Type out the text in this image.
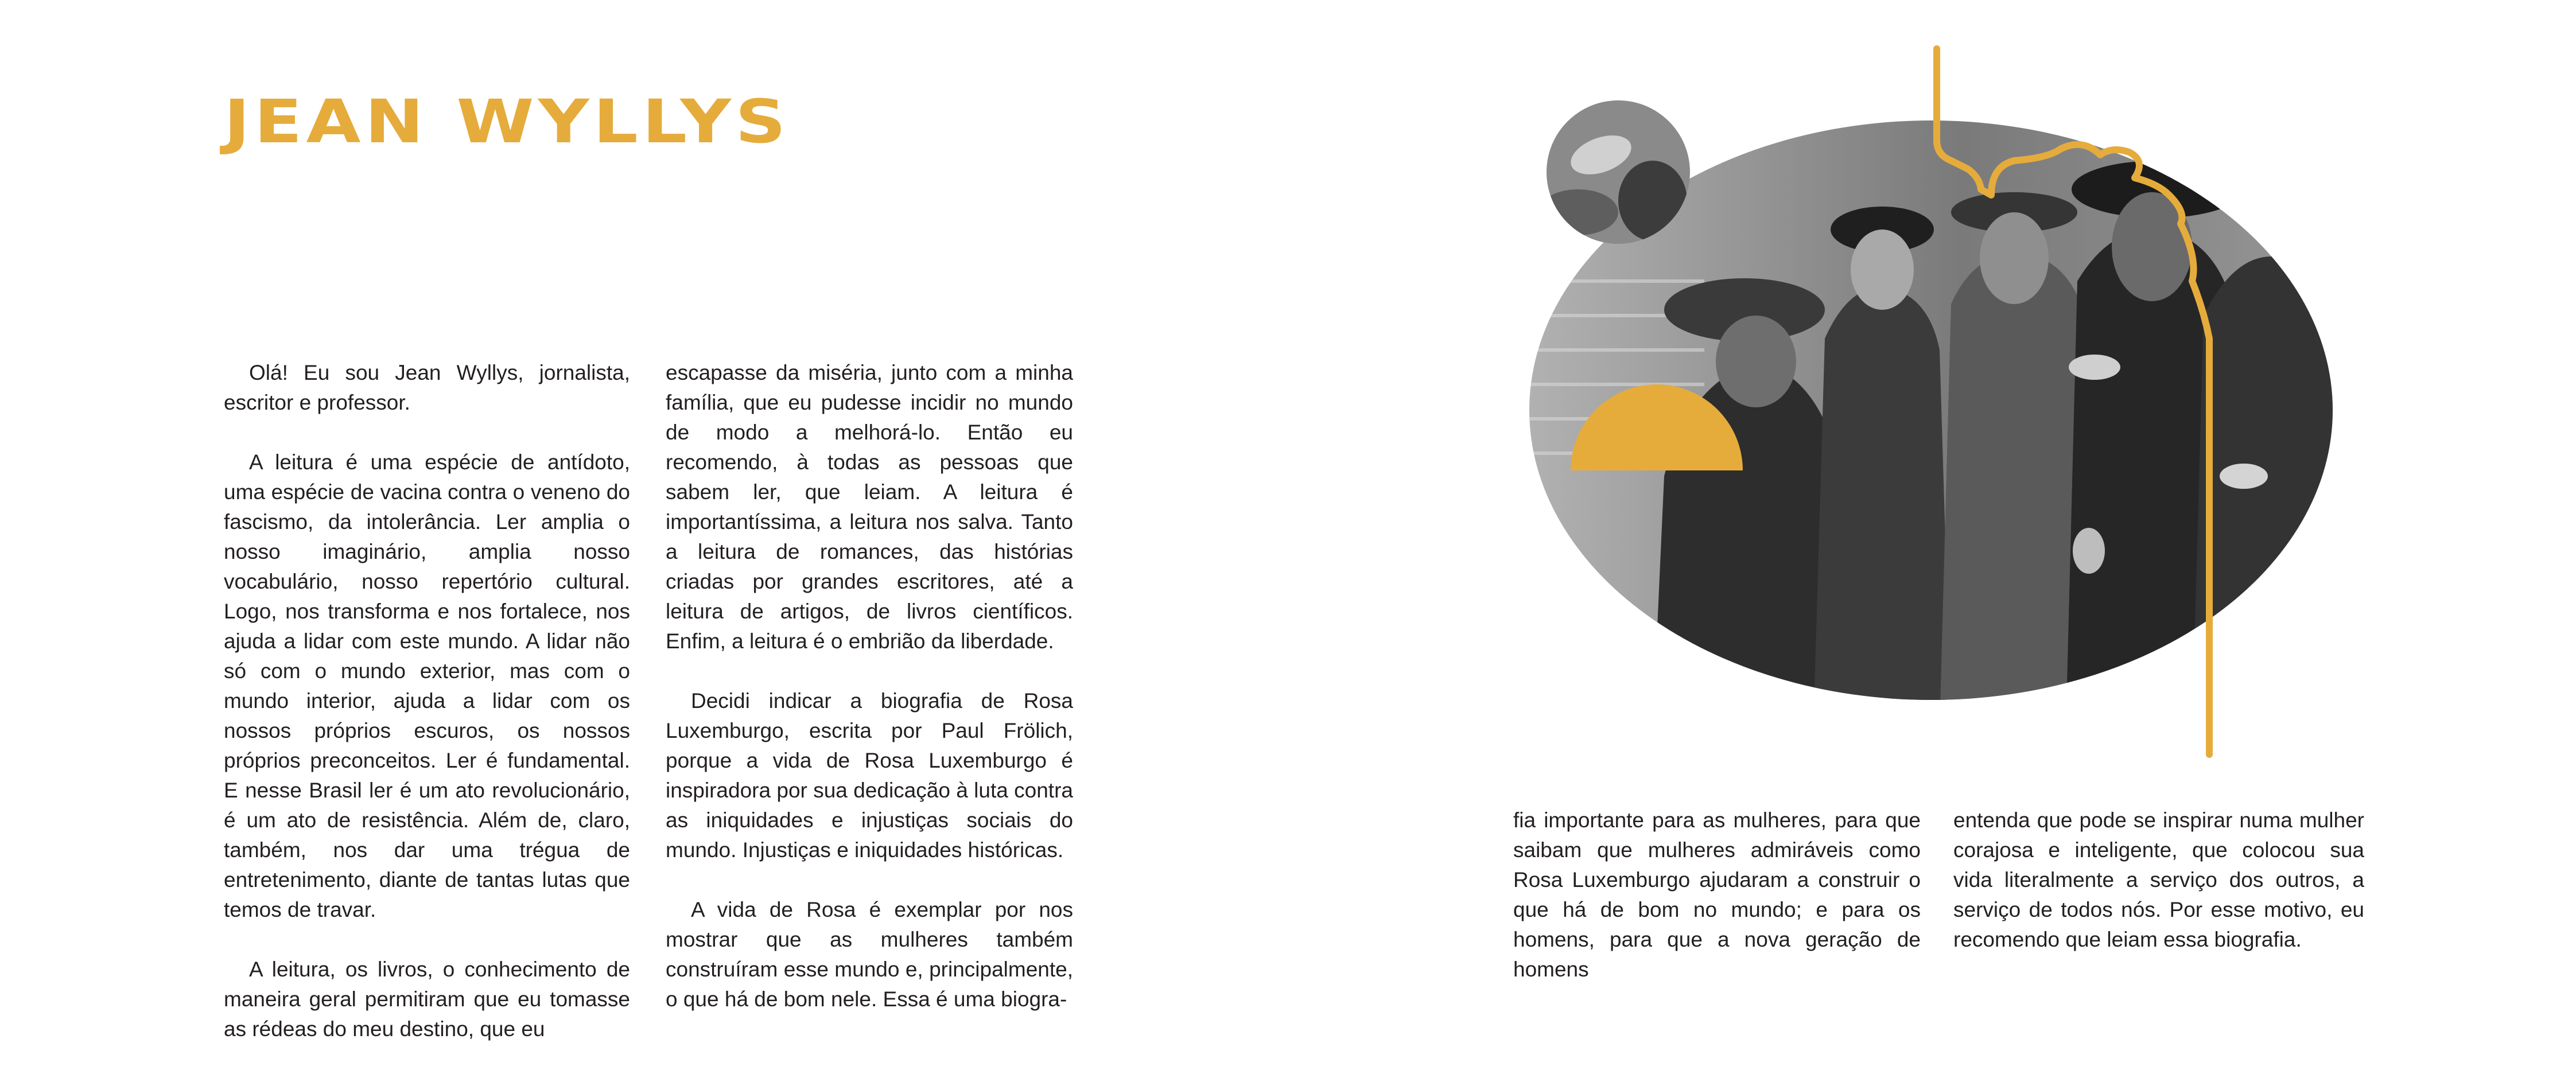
JEAN WYLLYS

Olá! Eu sou Jean Wyllys, jornalista, escritor e professor.

A leitura é uma espécie de antídoto, uma espécie de vacina contra o veneno do fascismo, da intolerância. Ler amplia o nosso imaginário, amplia nosso vocabulário, nosso repertório cultural. Logo, nos transforma e nos fortalece, nos ajuda a lidar com este mundo. A lidar não só com o mundo exterior, mas com o mundo interior, ajuda a lidar com os nossos próprios escuros, os nossos próprios preconceitos. Ler é fundamental. E nesse Brasil ler é um ato revolucionário, é um ato de resistência. Além de, claro, também, nos dar uma trégua de entretenimento, diante de tantas lutas que temos de travar.

A leitura, os livros, o conhecimento de maneira geral permitiram que eu tomasse as rédeas do meu destino, que eu

escapasse da miséria, junto com a minha família, que eu pudesse incidir no mundo de modo a melhorá-lo. Então eu recomendo, à todas as pessoas que sabem ler, que leiam. A leitura é importantíssima, a leitura nos salva. Tanto a leitura de romances, das histórias criadas por grandes escritores, até a leitura de artigos, de livros científicos. Enfim, a leitura é o embrião da liberdade.

Decidi indicar a biografia de Rosa Luxemburgo, escrita por Paul Frölich, porque a vida de Rosa Luxemburgo é inspiradora por sua dedicação à luta contra as iniquidades e injustiças sociais do mundo. Injustiças e iniquidades históricas.

A vida de Rosa é exemplar por nos mostrar que as mulheres também construíram esse mundo e, principalmente, o que há de bom nele. Essa é uma biogra-

fia importante para as mulheres, para que saibam que mulheres admiráveis como Rosa Luxemburgo ajudaram a construir o que há de bom no mundo; e para os homens, para que a nova geração de homens

entenda que pode se inspirar numa mulher corajosa e inteligente, que colocou sua vida literalmente a serviço dos outros, a serviço de todos nós. Por esse motivo, eu recomendo que leiam essa biografia.
